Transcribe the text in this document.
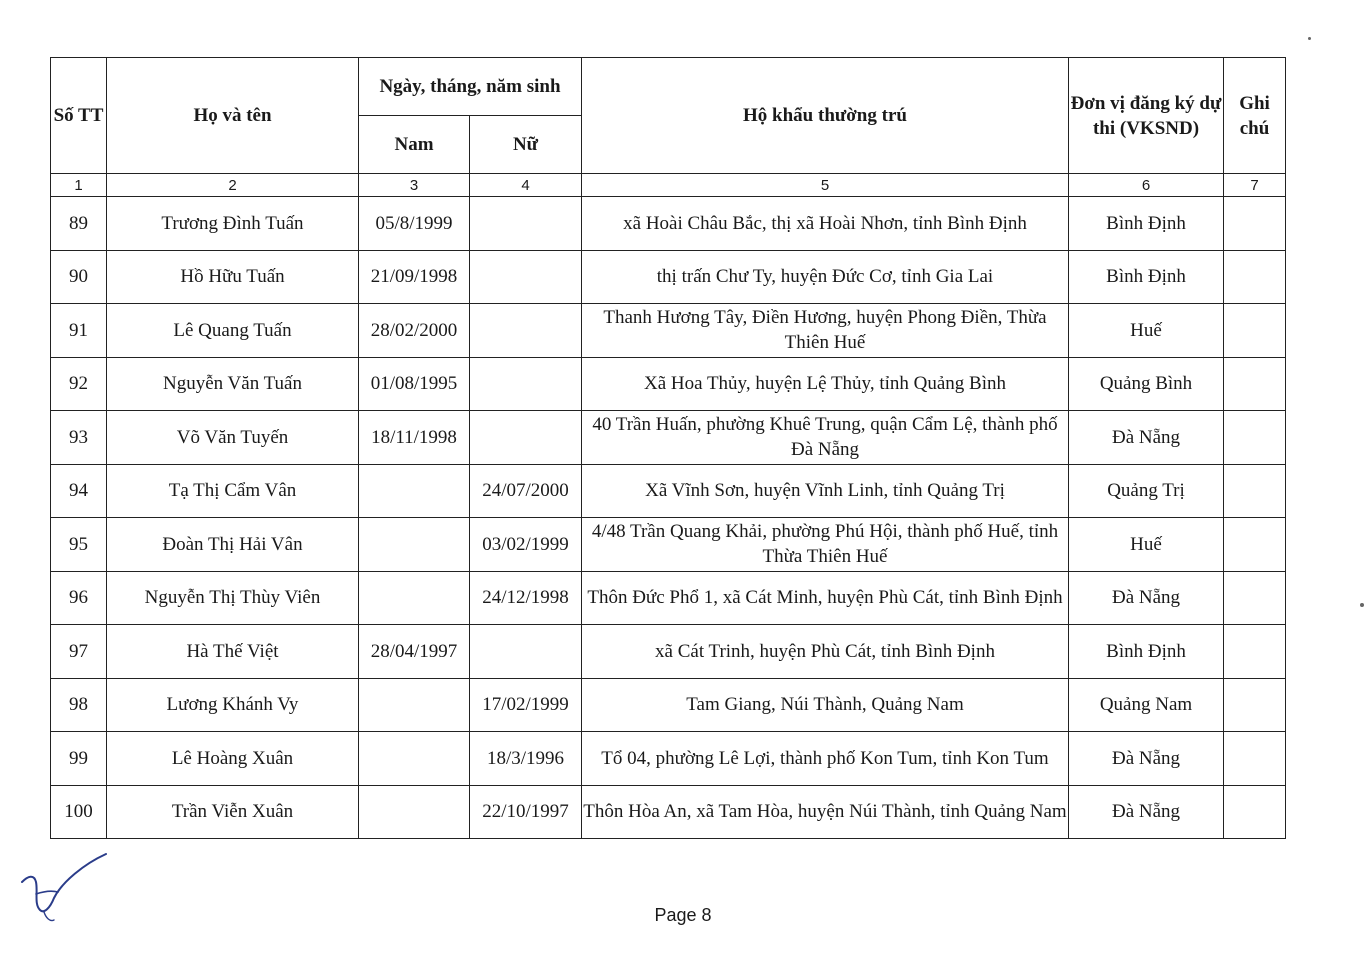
Số TT	Họ và tên	Ngày, tháng, năm sinh		Hộ khẩu thường trú	Đơn vị đăng ký dự thi (VKSND)	Ghi chú
		Nam	Nữ			
1	2	3	4	5	6	7
89	Trương Đình Tuấn	05/8/1999		xã Hoài Châu Bắc, thị xã Hoài Nhơn, tỉnh Bình Định	Bình Định	
90	Hồ Hữu Tuấn	21/09/1998		thị trấn Chư Ty, huyện Đức Cơ, tỉnh Gia Lai	Bình Định	
91	Lê Quang Tuấn	28/02/2000		Thanh Hương Tây, Điền Hương, huyện Phong Điền, Thừa Thiên Huế	Huế	
92	Nguyễn Văn Tuấn	01/08/1995		Xã Hoa Thủy, huyện Lệ Thủy, tỉnh Quảng Bình	Quảng Bình	
93	Võ Văn Tuyến	18/11/1998		40 Trần Huấn, phường Khuê Trung, quận Cẩm Lệ, thành phố Đà Nẵng	Đà Nẵng	
94	Tạ Thị Cẩm Vân		24/07/2000	Xã Vĩnh Sơn, huyện Vĩnh Linh, tỉnh Quảng Trị	Quảng Trị	
95	Đoàn Thị Hải Vân		03/02/1999	4/48 Trần Quang Khải, phường Phú Hội, thành phố Huế, tỉnh Thừa Thiên Huế	Huế	
96	Nguyễn Thị Thùy Viên		24/12/1998	Thôn Đức Phổ 1, xã Cát Minh, huyện Phù Cát, tỉnh Bình Định	Đà Nẵng	
97	Hà Thế Việt	28/04/1997		xã Cát Trinh, huyện Phù Cát, tỉnh Bình Định	Bình Định	
98	Lương Khánh Vy		17/02/1999	Tam Giang, Núi Thành, Quảng Nam	Quảng Nam	
99	Lê Hoàng Xuân		18/3/1996	Tổ 04, phường Lê Lợi, thành phố Kon Tum, tỉnh Kon Tum	Đà Nẵng	
100	Trần Viễn Xuân		22/10/1997	Thôn Hòa An, xã Tam Hòa, huyện Núi Thành, tỉnh Quảng Nam	Đà Nẵng	
Page 8
